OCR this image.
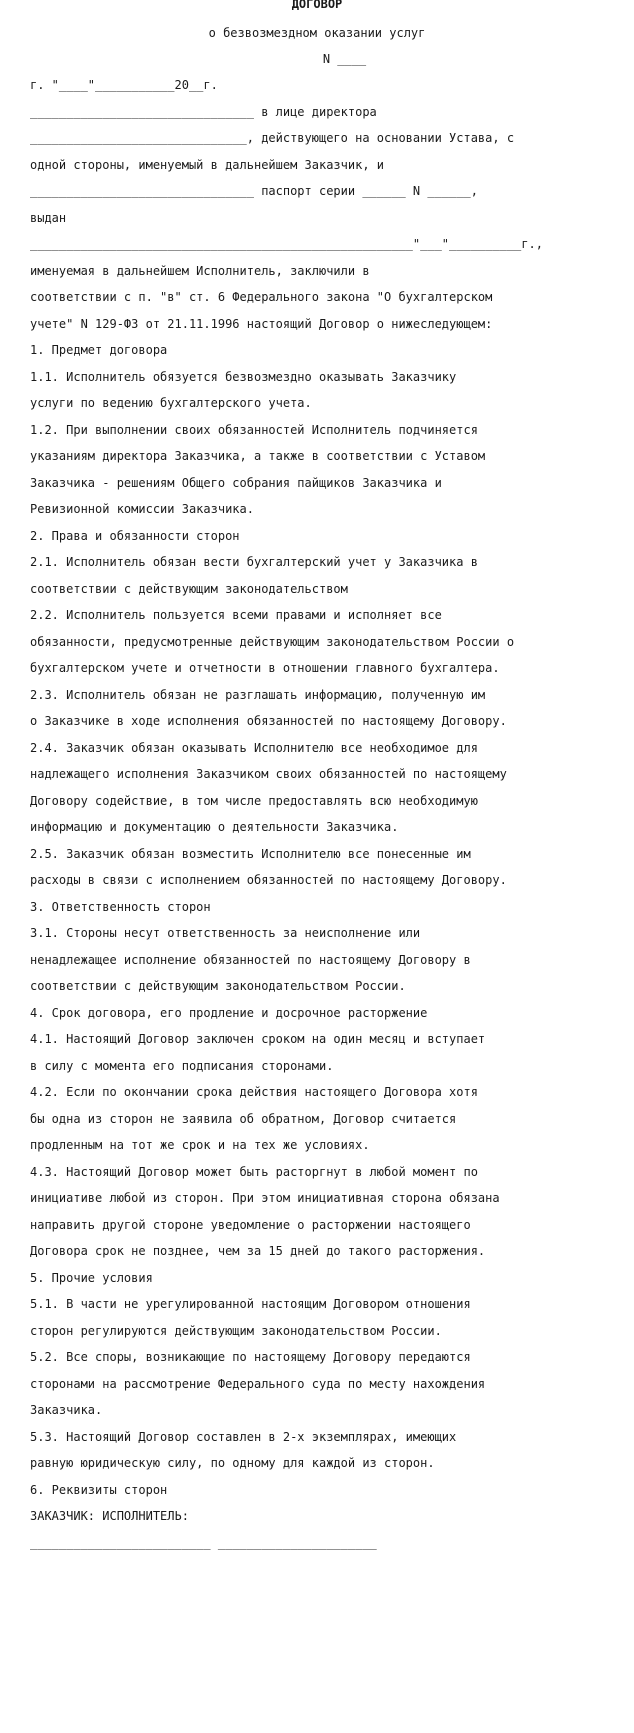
ДОГОВОР
о безвозмездном оказании услуг
N ____
г. "____"___________20__г.
_______________________________ в лице директора
______________________________, действующего на основании Устава, с
одной стороны, именуемый в дальнейшем Заказчик, и
_______________________________ паспорт серии ______ N ______,
выдан
_____________________________________________________"___"__________г.,
именуемая в дальнейшем Исполнитель, заключили в
соответствии с п. "в" ст. 6 Федерального закона "О бухгалтерском
учете" N 129-ФЗ от 21.11.1996 настоящий Договор о нижеследующем:
1. Предмет договора
1.1. Исполнитель обязуется безвозмездно оказывать Заказчику
услуги по ведению бухгалтерского учета.
1.2. При выполнении своих обязанностей Исполнитель подчиняется
указаниям директора Заказчика, а также в соответствии с Уставом
Заказчика - решениям Общего собрания пайщиков Заказчика и
Ревизионной комиссии Заказчика.
2. Права и обязанности сторон
2.1. Исполнитель обязан вести бухгалтерский учет у Заказчика в
соответствии с действующим законодательством
2.2. Исполнитель пользуется всеми правами и исполняет все
обязанности, предусмотренные действующим законодательством России о
бухгалтерском учете и отчетности в отношении главного бухгалтера.
2.3. Исполнитель обязан не разглашать информацию, полученную им
о Заказчике в ходе исполнения обязанностей по настоящему Договору.
2.4. Заказчик обязан оказывать Исполнителю все необходимое для
надлежащего исполнения Заказчиком своих обязанностей по настоящему
Договору содействие, в том числе предоставлять всю необходимую
информацию и документацию о деятельности Заказчика.
2.5. Заказчик обязан возместить Исполнителю все понесенные им
расходы в связи с исполнением обязанностей по настоящему Договору.
3. Ответственность сторон
3.1. Стороны несут ответственность за неисполнение или
ненадлежащее исполнение обязанностей по настоящему Договору в
соответствии с действующим законодательством России.
4. Срок договора, его продление и досрочное расторжение
4.1. Настоящий Договор заключен сроком на один месяц и вступает
в силу с момента его подписания сторонами.
4.2. Если по окончании срока действия настоящего Договора хотя
бы одна из сторон не заявила об обратном, Договор считается
продленным на тот же срок и на тех же условиях.
4.3. Настоящий Договор может быть расторгнут в любой момент по
инициативе любой из сторон. При этом инициативная сторона обязана
направить другой стороне уведомление о расторжении настоящего
Договора срок не позднее, чем за 15 дней до такого расторжения.
5. Прочие условия
5.1. В части не урегулированной настоящим Договором отношения
сторон регулируются действующим законодательством России.
5.2. Все споры, возникающие по настоящему Договору передаются
сторонами на рассмотрение Федерального суда по месту нахождения
Заказчика.
5.3. Настоящий Договор составлен в 2-х экземплярах, имеющих
равную юридическую силу, по одному для каждой из сторон.
6. Реквизиты сторон
ЗАКАЗЧИК: ИСПОЛНИТЕЛЬ:
_________________________ ______________________
